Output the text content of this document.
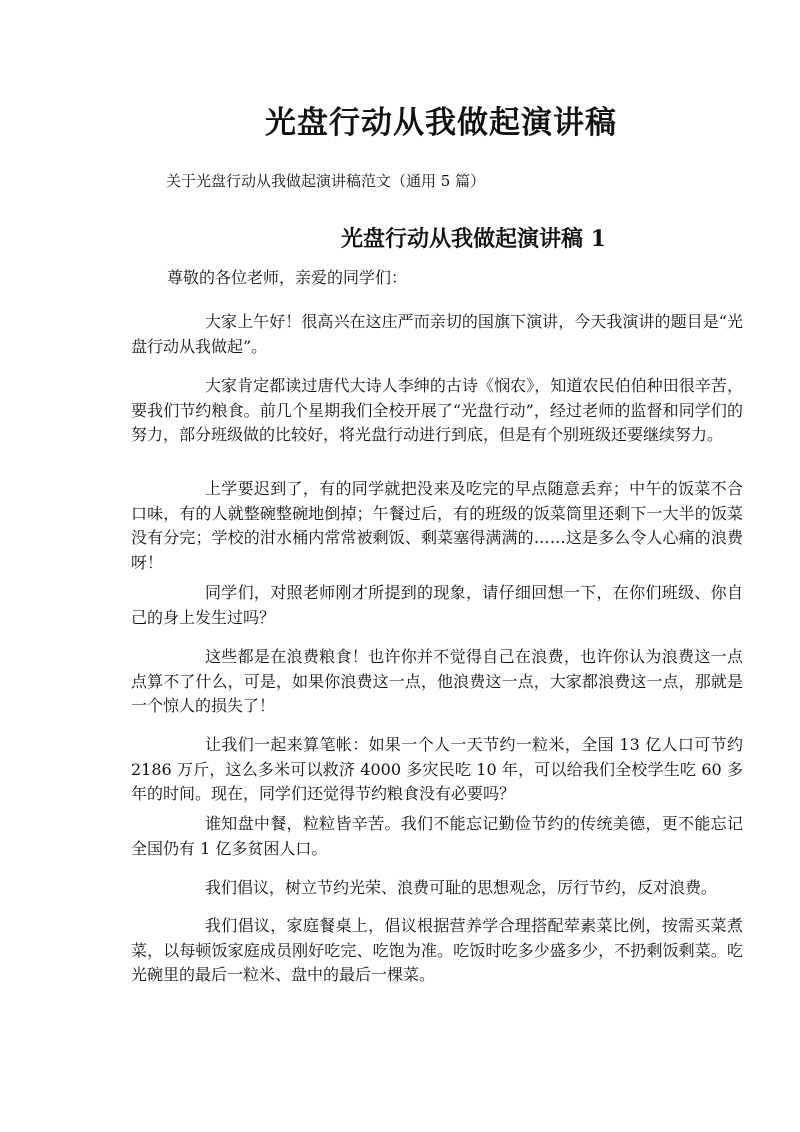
光盘行动从我做起演讲稿

关于光盘行动从我做起演讲稿范文（通用 5 篇）

光盘行动从我做起演讲稿 1

尊敬的各位老师，亲爱的同学们：

大家上午好！很高兴在这庄严而亲切的国旗下演讲，今天我演讲的题目是“光盘行动从我做起”。

大家肯定都读过唐代大诗人李绅的古诗《悯农》，知道农民伯伯种田很辛苦，要我们节约粮食。前几个星期我们全校开展了“光盘行动”，经过老师的监督和同学们的努力，部分班级做的比较好，将光盘行动进行到底，但是有个别班级还要继续努力。

上学要迟到了，有的同学就把没来及吃完的早点随意丢弃；中午的饭菜不合口味，有的人就整碗整碗地倒掉；午餐过后，有的班级的饭菜筒里还剩下一大半的饭菜没有分完；学校的泔水桶内常常被剩饭、剩菜塞得满满的……这是多么令人心痛的浪费呀！

同学们，对照老师刚才所提到的现象，请仔细回想一下，在你们班级、你自己的身上发生过吗？

这些都是在浪费粮食！也许你并不觉得自己在浪费，也许你认为浪费这一点点算不了什么，可是，如果你浪费这一点，他浪费这一点，大家都浪费这一点，那就是一个惊人的损失了！

让我们一起来算笔帐：如果一个人一天节约一粒米，全国 13 亿人口可节约 2186 万斤，这么多米可以救济 4000 多灾民吃 10 年，可以给我们全校学生吃 60 多年的时间。现在，同学们还觉得节约粮食没有必要吗？

谁知盘中餐，粒粒皆辛苦。我们不能忘记勤俭节约的传统美德，更不能忘记全国仍有 1 亿多贫困人口。

我们倡议，树立节约光荣、浪费可耻的思想观念，厉行节约，反对浪费。

我们倡议，家庭餐桌上，倡议根据营养学合理搭配荤素菜比例，按需买菜煮菜，以每顿饭家庭成员刚好吃完、吃饱为准。吃饭时吃多少盛多少，不扔剩饭剩菜。吃光碗里的最后一粒米、盘中的最后一棵菜。
